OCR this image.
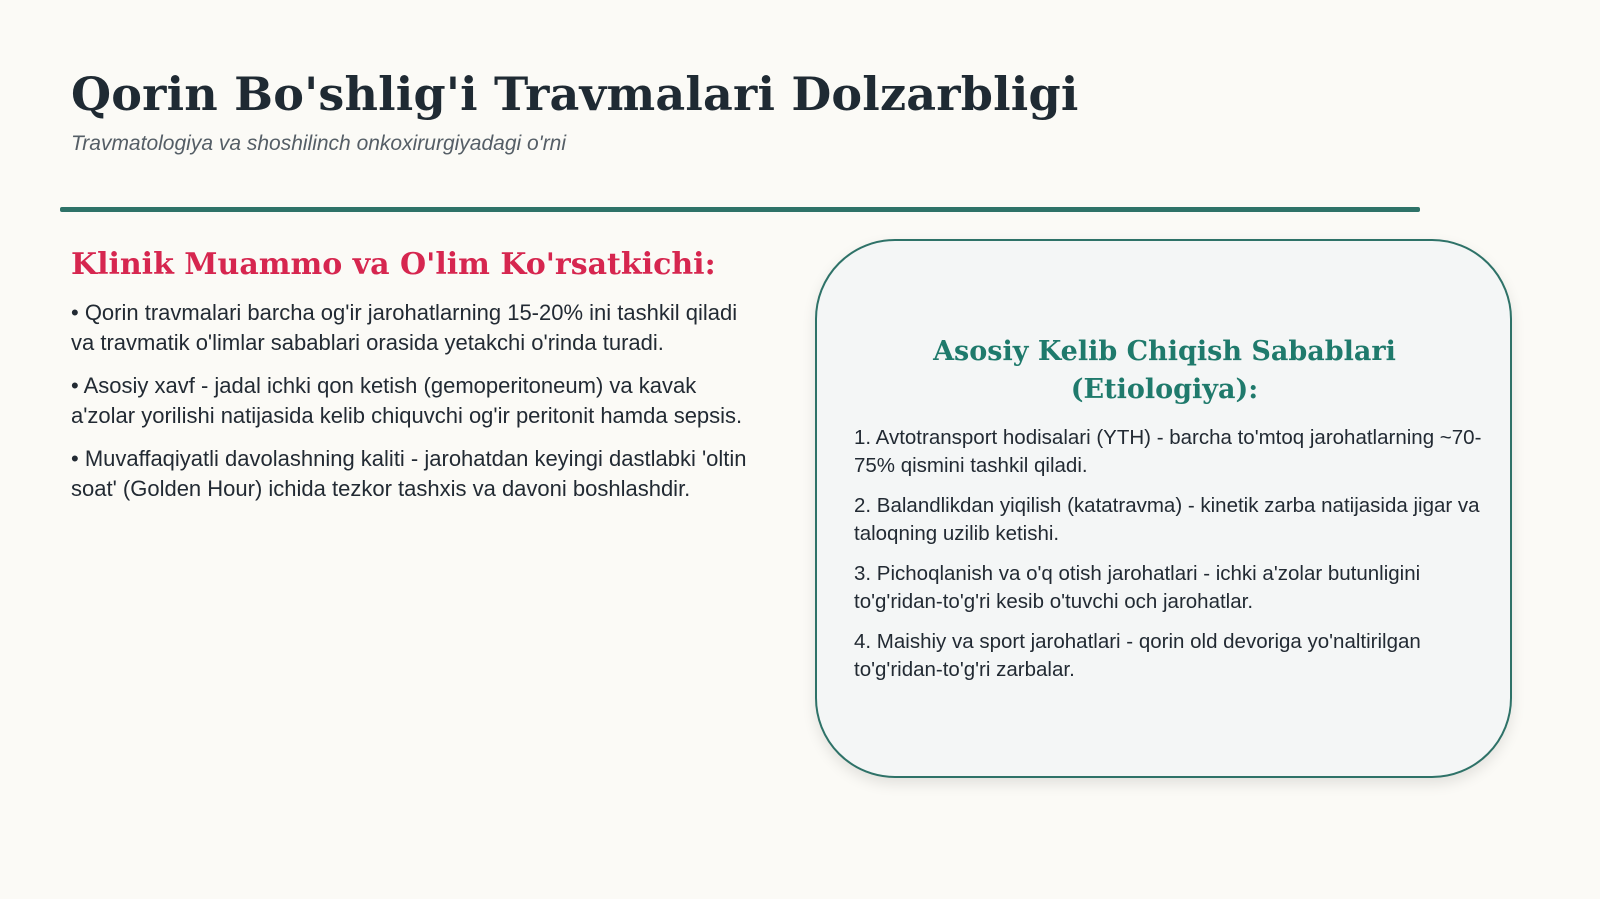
Qorin Bo'shlig'i Travmalari Dolzarbligi

Travmatologiya va shoshilinch onkoxirurgiyadagi o'rni

Klinik Muammo va O'lim Ko'rsatkichi:
• Qorin travmalari barcha og'ir jarohatlarning 15-20% ini tashkil qiladi va travmatik o'limlar sabablari orasida yetakchi o'rinda turadi.
• Asosiy xavf - jadal ichki qon ketish (gemoperitoneum) va kavak a'zolar yorilishi natijasida kelib chiquvchi og'ir peritonit hamda sepsis.
• Muvaffaqiyatli davolashning kaliti - jarohatdan keyingi dastlabki 'oltin soat' (Golden Hour) ichida tezkor tashxis va davoni boshlashdir.
Asosiy Kelib Chiqish Sabablari (Etiologiya):
1. Avtotransport hodisalari (YTH) - barcha to'mtoq jarohatlarning ~70-75% qismini tashkil qiladi.
2. Balandlikdan yiqilish (katatravma) - kinetik zarba natijasida jigar va taloqning uzilib ketishi.
3. Pichoqlanish va o'q otish jarohatlari - ichki a'zolar butunligini to'g'ridan-to'g'ri kesib o'tuvchi och jarohatlar.
4. Maishiy va sport jarohatlari - qorin old devoriga yo'naltirilgan to'g'ridan-to'g'ri zarbalar.
